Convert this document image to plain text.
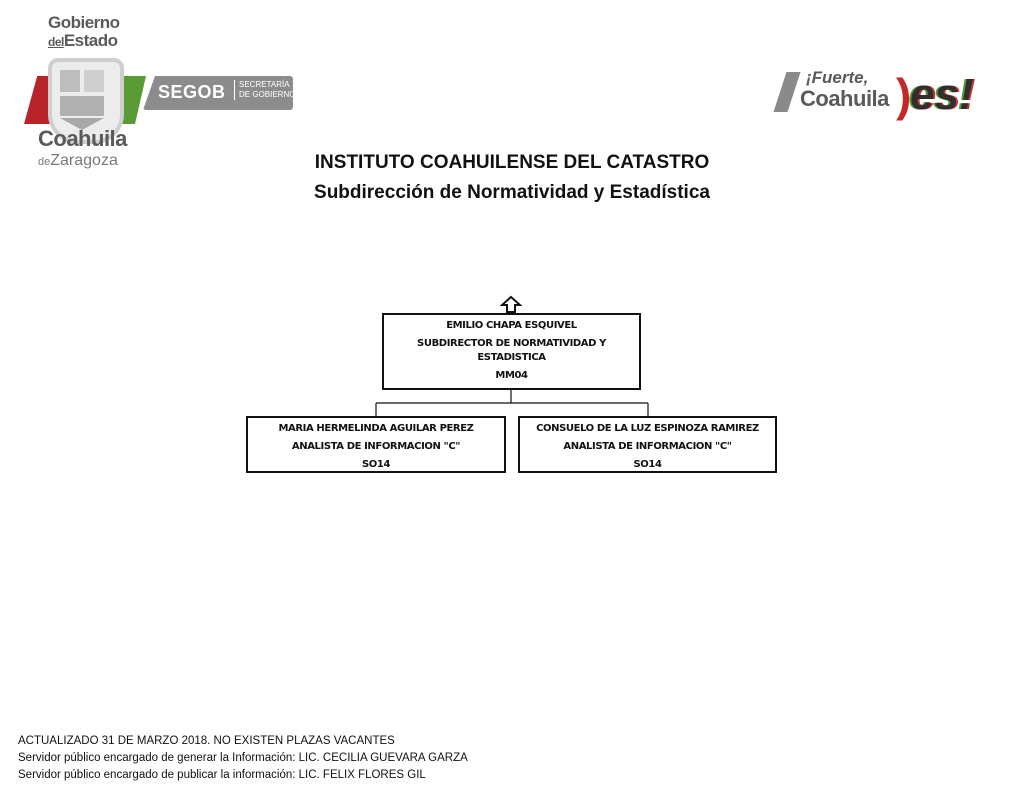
Gobierno
delEstado
SEGOB	SECRETARÍA DE GOBIERNO
Coahuila
deZaragoza
¡Fuerte,
Coahuila )
es!
INSTITUTO COAHUILENSE DEL CATASTRO
Subdirección de Normatividad y Estadística
EMILIO CHAPA ESQUIVEL
SUBDIRECTOR DE NORMATIVIDAD Y
ESTADISTICA
MM04
MARIA HERMELINDA AGUILAR PEREZ
ANALISTA DE INFORMACION "C"
SO14
CONSUELO DE LA LUZ ESPINOZA RAMIREZ
ANALISTA DE INFORMACION "C"
SO14
ACTUALIZADO 31 DE MARZO 2018. NO EXISTEN PLAZAS VACANTES
Servidor público encargado de generar la Información: LIC. CECILIA GUEVARA GARZA
Servidor público encargado de publicar la información: LIC. FELIX FLORES GIL
